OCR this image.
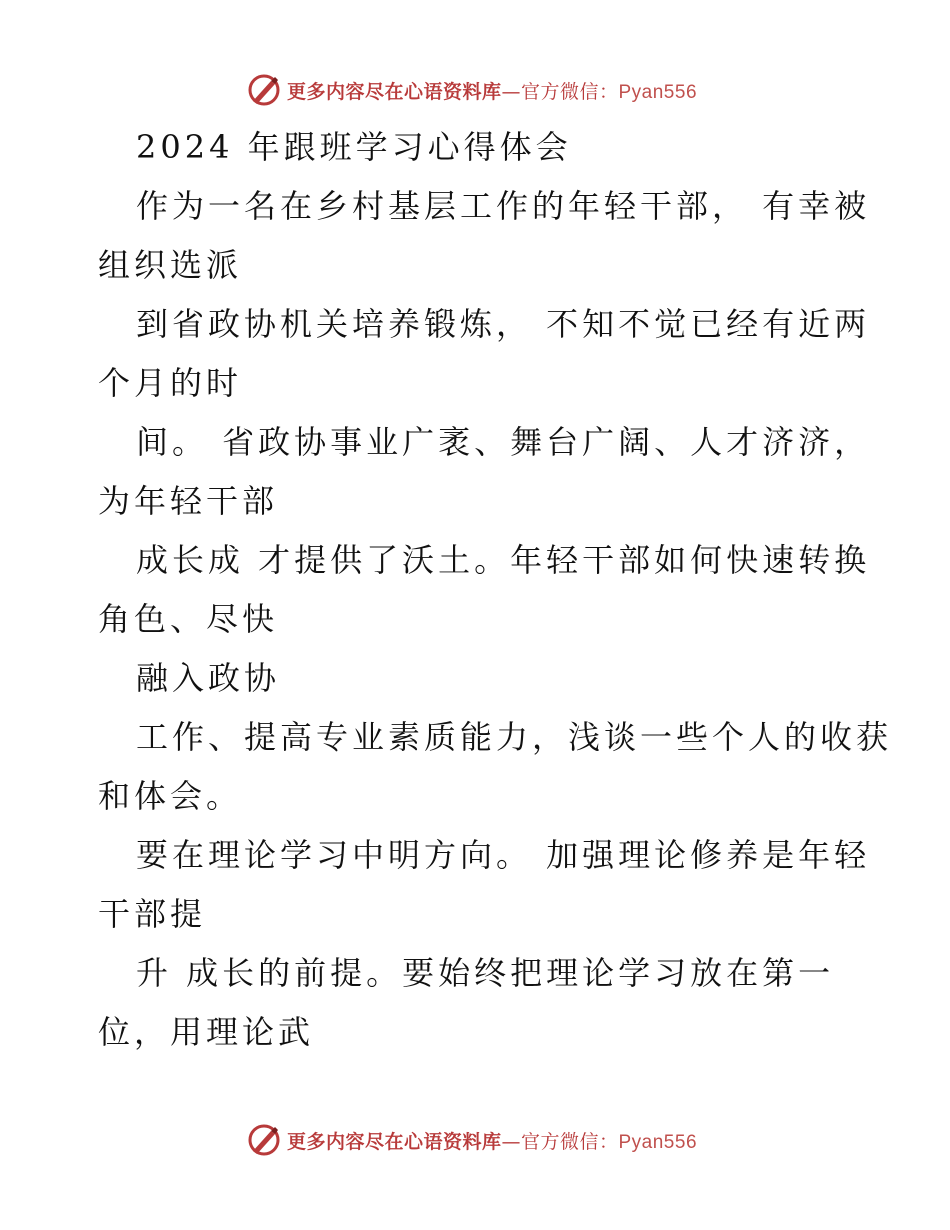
更多内容尽在心语资料库—官方微信：Pyan556
2024 年跟班学习心得体会
作为一名在乡村基层工作的年轻干部， 有幸被
组织选派
到省政协机关培养锻炼， 不知不觉已经有近两
个月的时
间。 省政协事业广袤、舞台广阔、人才济济，
为年轻干部
成长成 才提供了沃土。年轻干部如何快速转换
角色、尽快
融入政协
工作、提高专业素质能力，浅谈一些个人的收获
和体会。
要在理论学习中明方向。 加强理论修养是年轻
干部提
升 成长的前提。要始终把理论学习放在第一
位，用理论武
更多内容尽在心语资料库—官方微信：Pyan556
